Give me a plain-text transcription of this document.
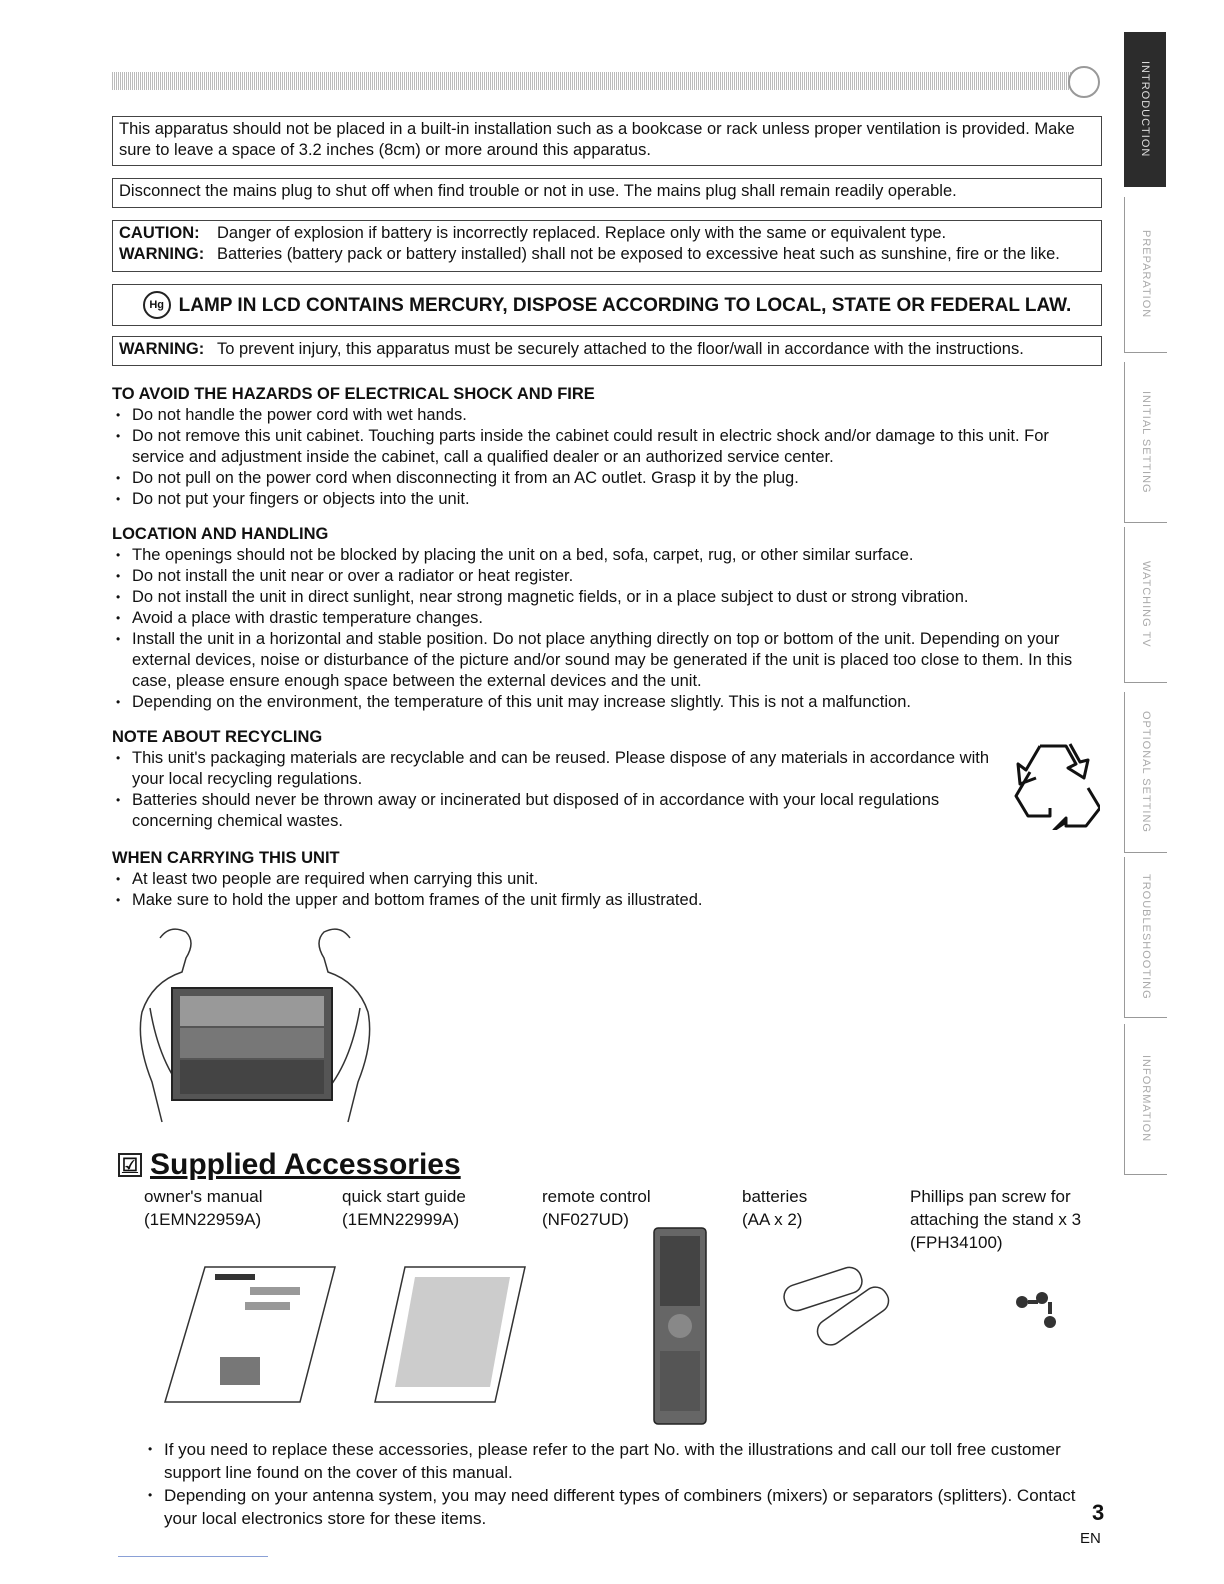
INTRODUCTION
PREPARATION
INITIAL SETTING
WATCHING TV
OPTIONAL SETTING
TROUBLESHOOTING
INFORMATION
This apparatus should not be placed in a built-in installation such as a bookcase or rack unless proper ventilation is provided. Make sure to leave a space of 3.2 inches (8cm) or more around this apparatus.
Disconnect the mains plug to shut off when find trouble or not in use. The mains plug shall remain readily operable.
CAUTION:	Danger of explosion if battery is incorrectly replaced. Replace only with the same or equivalent type.
WARNING: Batteries (battery pack or battery installed) shall not be exposed to excessive heat such as sunshine, fire or the like.
Hg LAMP IN LCD CONTAINS MERCURY, DISPOSE ACCORDING TO LOCAL, STATE OR FEDERAL LAW.
WARNING: To prevent injury, this apparatus must be securely attached to the floor/wall in accordance with the instructions.
TO AVOID THE HAZARDS OF ELECTRICAL SHOCK AND FIRE
• Do not handle the power cord with wet hands.
• Do not remove this unit cabinet. Touching parts inside the cabinet could result in electric shock and/or damage to this unit. For service and adjustment inside the cabinet, call a qualified dealer or an authorized service center.
• Do not pull on the power cord when disconnecting it from an AC outlet. Grasp it by the plug.
• Do not put your fingers or objects into the unit.
LOCATION AND HANDLING
• The openings should not be blocked by placing the unit on a bed, sofa, carpet, rug, or other similar surface.
• Do not install the unit near or over a radiator or heat register.
• Do not install the unit in direct sunlight, near strong magnetic fields, or in a place subject to dust or strong vibration.
• Avoid a place with drastic temperature changes.
• Install the unit in a horizontal and stable position. Do not place anything directly on top or bottom of the unit. Depending on your external devices, noise or disturbance of the picture and/or sound may be generated if the unit is placed too close to them. In this case, please ensure enough space between the external devices and the unit.
• Depending on the environment, the temperature of this unit may increase slightly. This is not a malfunction.
NOTE ABOUT RECYCLING
• This unit's packaging materials are recyclable and can be reused. Please dispose of any materials in accordance with your local recycling regulations.
• Batteries should never be thrown away or incinerated but disposed of in accordance with your local regulations concerning chemical wastes.
WHEN CARRYING THIS UNIT
• At least two people are required when carrying this unit.
• Make sure to hold the upper and bottom frames of the unit firmly as illustrated.
☑ Supplied Accessories
owner's manual
(1EMN22959A)
quick start guide
(1EMN22999A)
remote control
(NF027UD)
batteries
(AA x 2)
Phillips pan screw for attaching the stand x 3
(FPH34100)
• If you need to replace these accessories, please refer to the part No. with the illustrations and call our toll free customer support line found on the cover of this manual.
• Depending on your antenna system, you may need different types of combiners (mixers) or separators (splitters). Contact your local electronics store for these items.	3
EN
